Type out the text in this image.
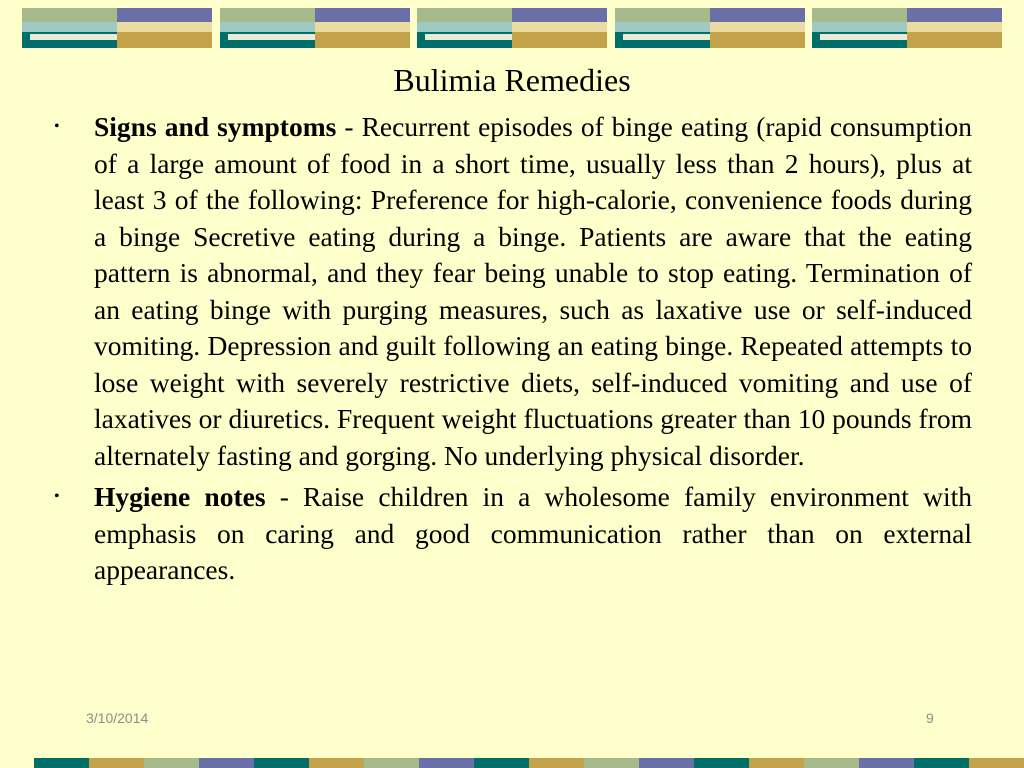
Bulimia Remedies
•	Signs and symptoms - Recurrent episodes of binge eating (rapid consumption of a large amount of food in a short time, usually less than 2 hours), plus at least 3 of the following: Preference for high-calorie, convenience foods during a binge Secretive eating during a binge. Patients are aware that the eating pattern is abnormal, and they fear being unable to stop eating. Termination of an eating binge with purging measures, such as laxative use or self-induced vomiting. Depression and guilt following an eating binge. Repeated attempts to lose weight with severely restrictive diets, self-induced vomiting and use of laxatives or diuretics. Frequent weight fluctuations greater than 10 pounds from alternately fasting and gorging. No underlying physical disorder.

•	Hygiene notes - Raise children in a wholesome family environment with emphasis on caring and good communication rather than on external appearances.

3/10/2014	9
